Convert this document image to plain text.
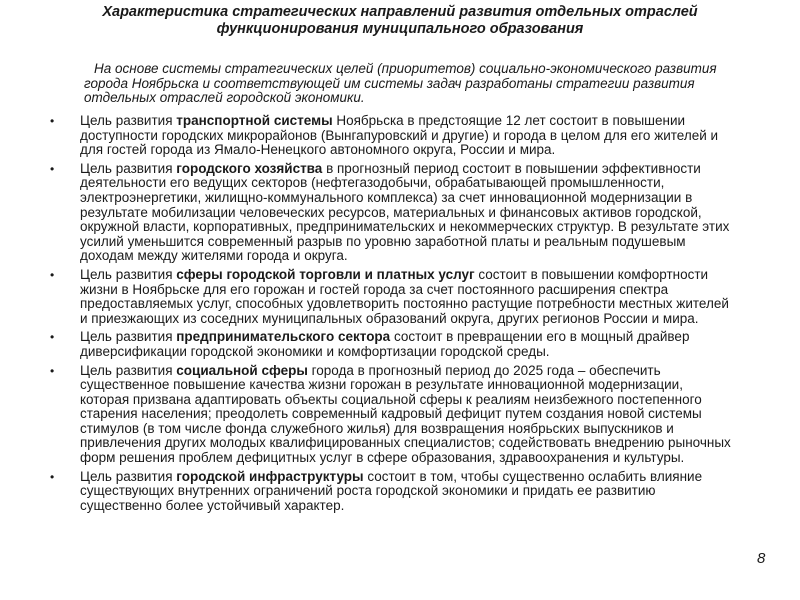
Характеристика стратегических направлений развития отдельных отраслей функционирования муниципального образования

На основе системы стратегических целей (приоритетов) социально-экономического развития города Ноябрьска и соответствующей им системы задач разработаны стратегии развития отдельных отраслей городской экономики.

• Цель развития транспортной системы Ноябрьска в предстоящие 12 лет состоит в повышении доступности городских микрорайонов (Вынгапуровский и другие) и города в целом для его жителей и для гостей города из Ямало-Ненецкого автономного округа, России и мира.
• Цель развития городского хозяйства в прогнозный период состоит в повышении эффективности деятельности его ведущих секторов (нефтегазодобычи, обрабатывающей промышленности, электроэнергетики, жилищно-коммунального комплекса) за счет инновационной модернизации в результате мобилизации человеческих ресурсов, материальных и финансовых активов городской, окружной власти, корпоративных, предпринимательских и некоммерческих структур. В результате этих усилий уменьшится современный разрыв по уровню заработной платы и реальным подушевым доходам между жителями города и округа.
• Цель развития сферы городской торговли и платных услуг состоит в повышении комфортности жизни в Ноябрьске для его горожан и гостей города за счет постоянного расширения спектра предоставляемых услуг, способных удовлетворить постоянно растущие потребности местных жителей и приезжающих из соседних муниципальных образований округа, других регионов России и мира.
• Цель развития предпринимательского сектора состоит в превращении его в мощный драйвер диверсификации городской экономики и комфортизации городской среды.
• Цель развития социальной сферы города в прогнозный период до 2025 года – обеспечить существенное повышение качества жизни горожан в результате инновационной модернизации, которая призвана адаптировать объекты социальной сферы к реалиям неизбежного постепенного старения населения; преодолеть современный кадровый дефицит путем создания новой системы стимулов (в том числе фонда служебного жилья) для возвращения ноябрьских выпускников и привлечения других молодых квалифицированных специалистов; содействовать внедрению рыночных форм решения проблем дефицитных услуг в сфере образования, здравоохранения и культуры.
• Цель развития городской инфраструктуры состоит в том, чтобы существенно ослабить влияние существующих внутренних ограничений роста городской экономики и придать ее развитию существенно более устойчивый характер.
8
